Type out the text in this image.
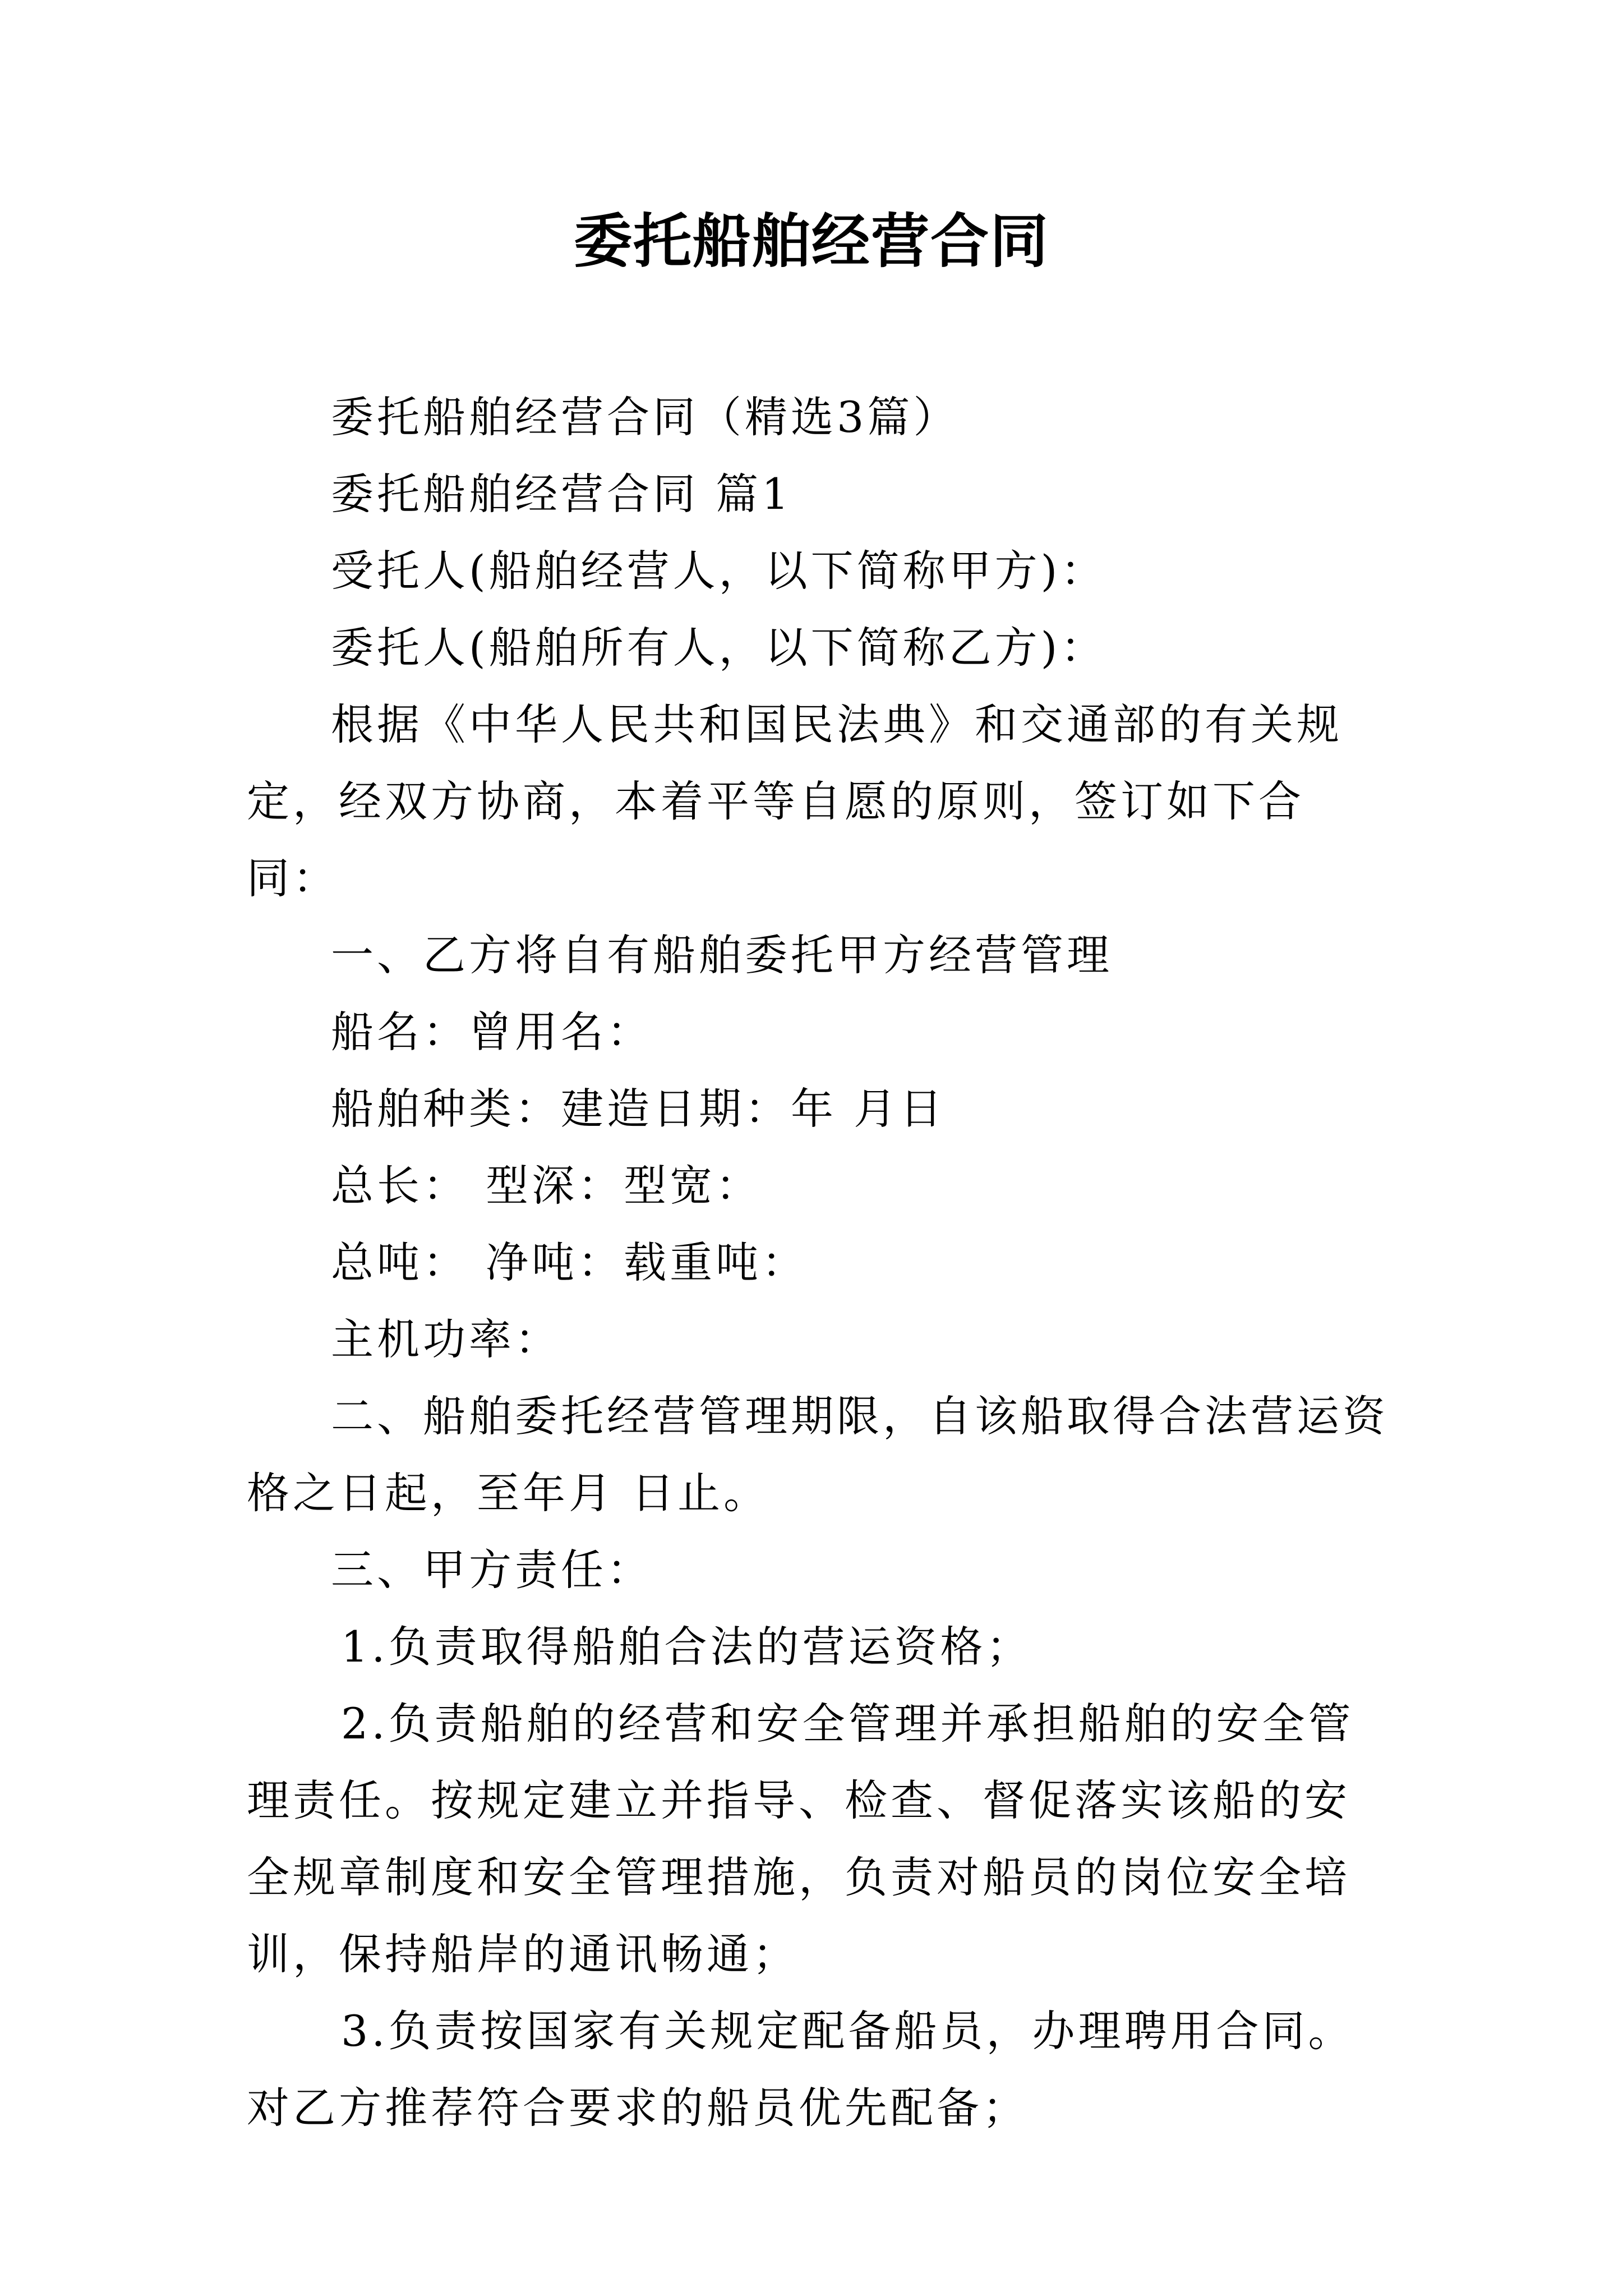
委托船舶经营合同

委托船舶经营合同（精选3篇）

委托船舶经营合同 篇1

受托人(船舶经营人，以下简称甲方)：

委托人(船舶所有人，以下简称乙方)：

根据《中华人民共和国民法典》和交通部的有关规定，经双方协商，本着平等自愿的原则，签订如下合同：

一、乙方将自有船舶委托甲方经营管理

船名：曾用名：

船舶种类：建造日期：年 月日

总长： 型深：型宽：

总吨： 净吨：载重吨：

主机功率：

二、船舶委托经营管理期限，自该船取得合法营运资格之日起，至年月 日止。

三、甲方责任：

1.负责取得船舶合法的营运资格；

2.负责船舶的经营和安全管理并承担船舶的安全管理责任。按规定建立并指导、检查、督促落实该船的安全规章制度和安全管理措施，负责对船员的岗位安全培训，保持船岸的通讯畅通；

3.负责按国家有关规定配备船员，办理聘用合同。对乙方推荐符合要求的船员优先配备；
